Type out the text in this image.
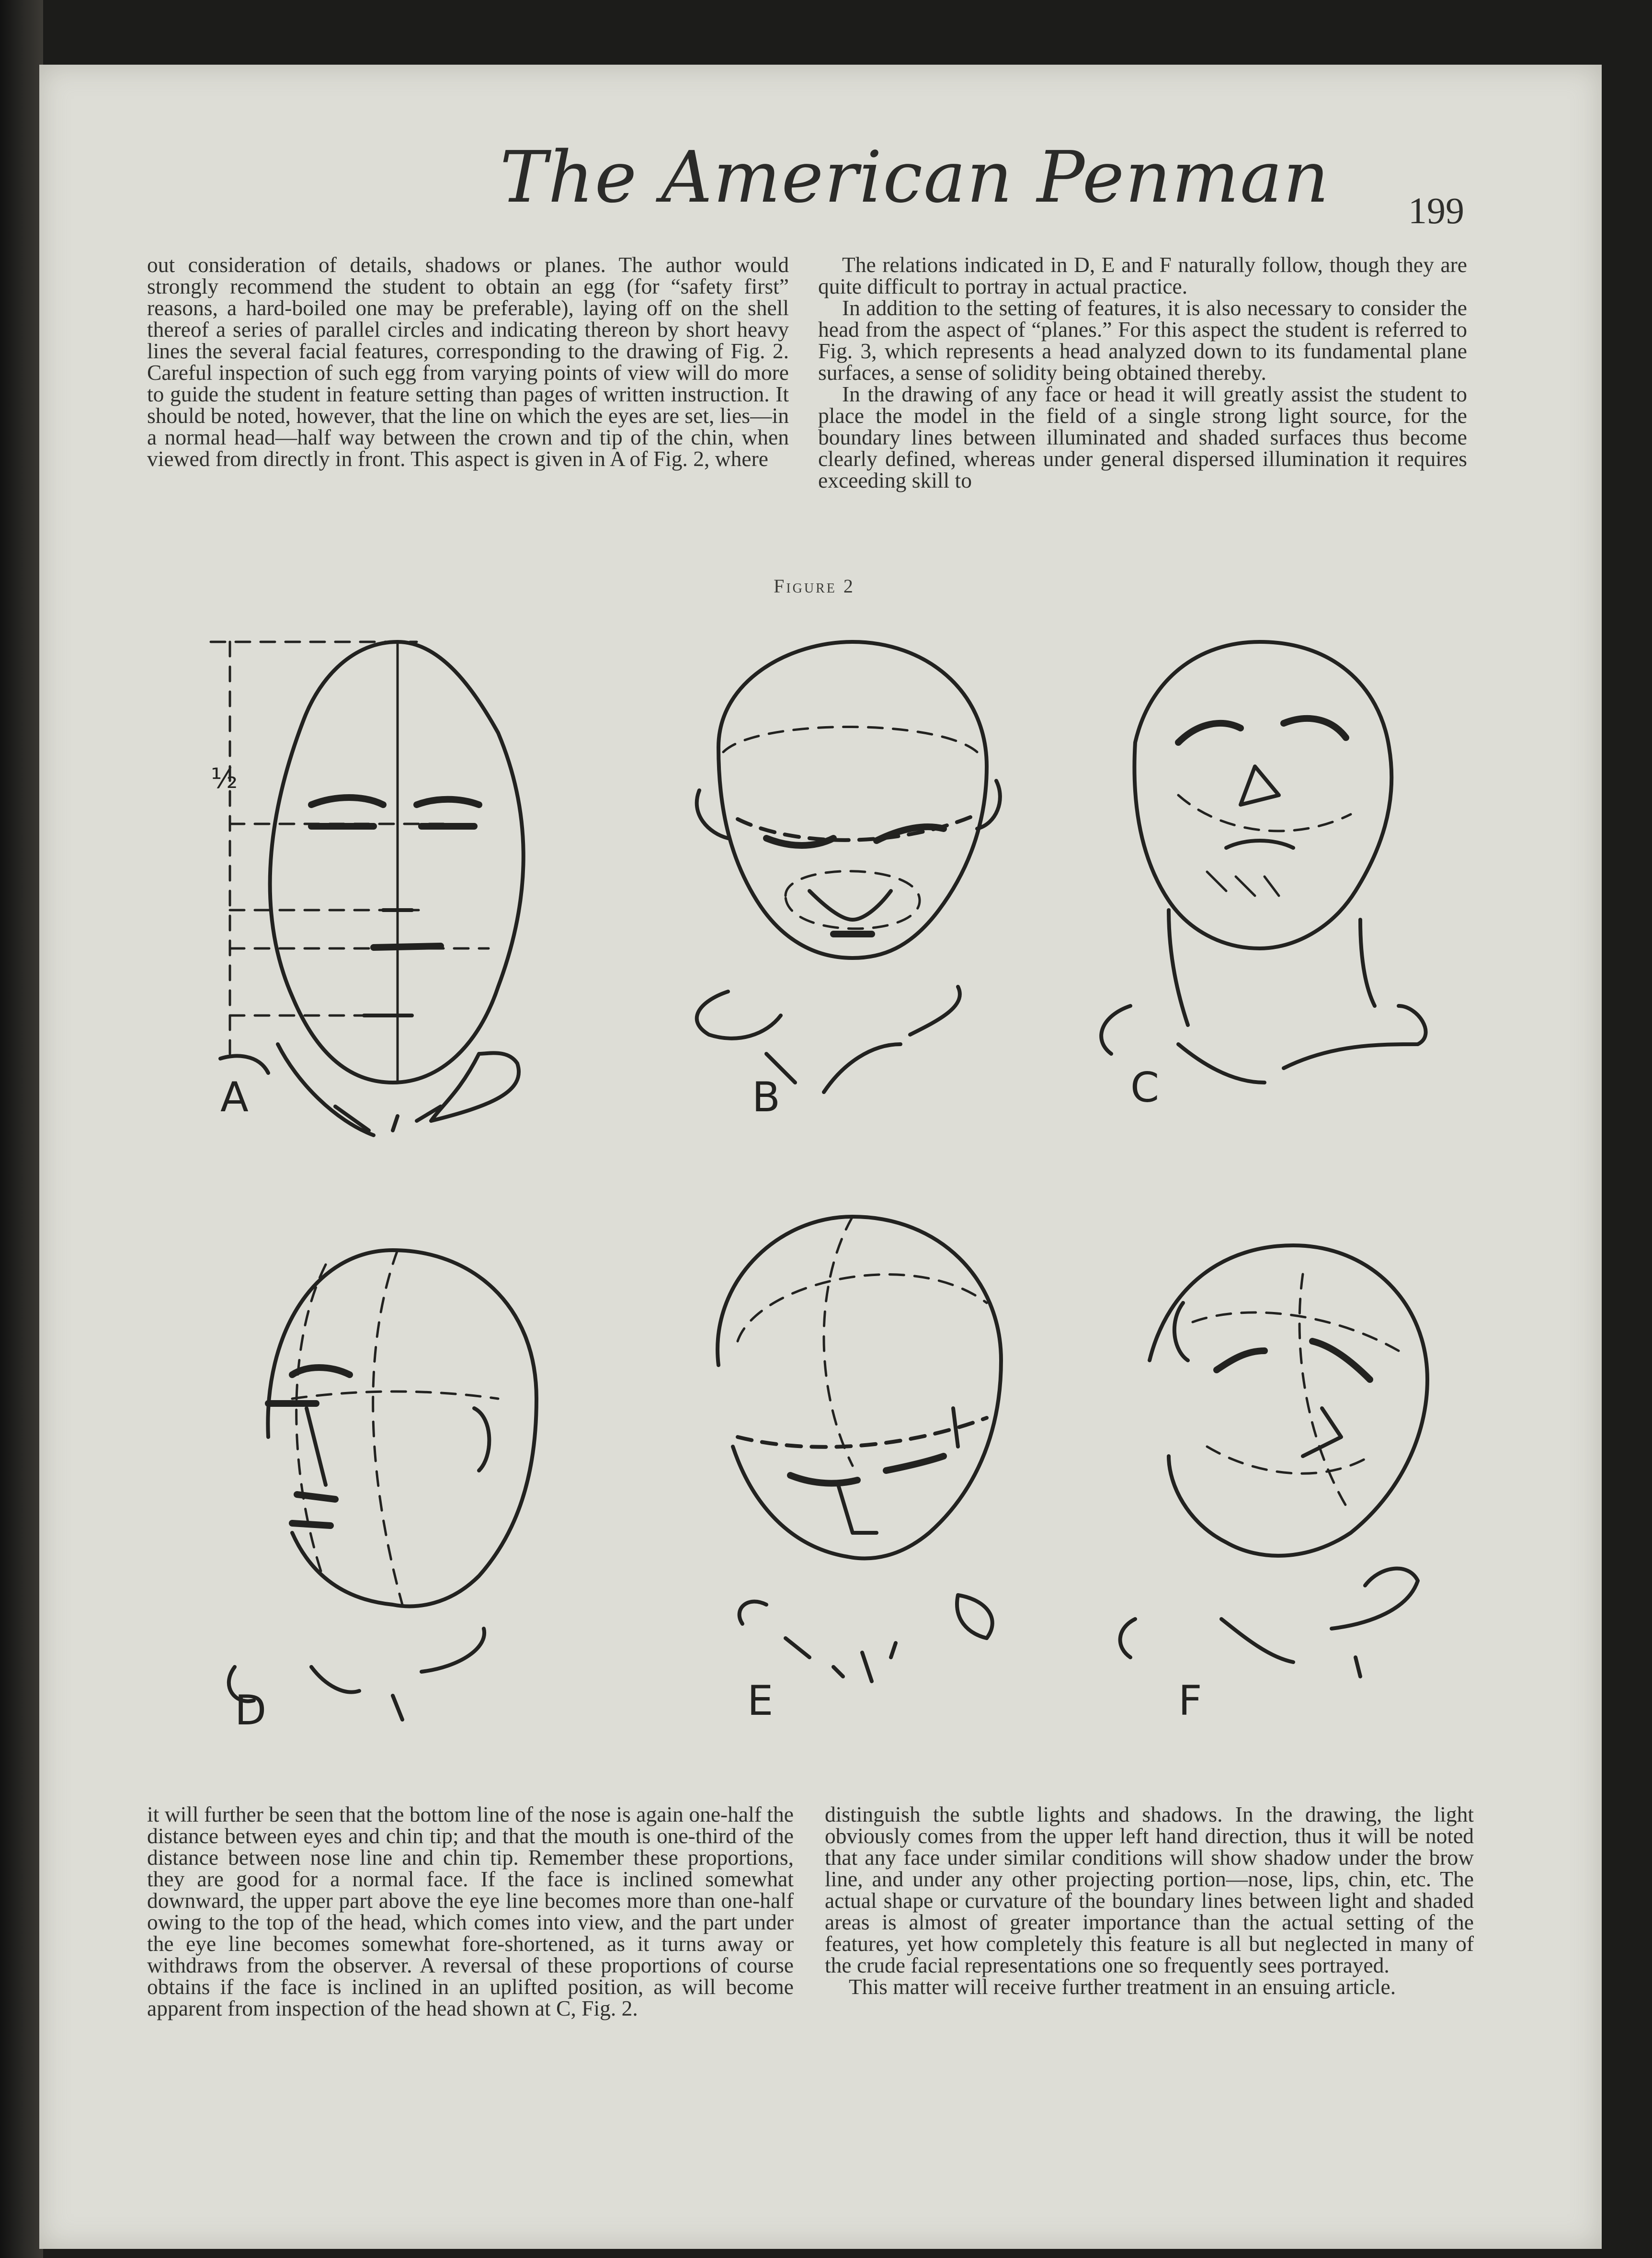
The American Penman	199

out consideration of details, shadows or planes. The author would strongly recommend the student to obtain an egg (for “safety first” reasons, a hard-boiled one may be preferable), laying off on the shell thereof a series of parallel circles and indicating thereon by short heavy lines the several facial features, corresponding to the drawing of Fig. 2. Careful inspection of such egg from varying points of view will do more to guide the student in feature setting than pages of written instruction. It should be noted, however, that the line on which the eyes are set, lies—in a normal head—half way between the crown and tip of the chin, when viewed from directly in front. This aspect is given in A of Fig. 2, where

The relations indicated in D, E and F naturally follow, though they are quite difficult to portray in actual practice.

In addition to the setting of features, it is also necessary to consider the head from the aspect of “planes.” For this aspect the student is referred to Fig. 3, which represents a head analyzed down to its fundamental plane surfaces, a sense of solidity being obtained thereby.

In the drawing of any face or head it will greatly assist the student to place the model in the field of a single strong light source, for the boundary lines between illuminated and shaded surfaces thus become clearly defined, whereas under general dispersed illumination it requires exceeding skill to

Figure 2
½
A	B	C
D	E	F

it will further be seen that the bottom line of the nose is again one-half the distance between eyes and chin tip; and that the mouth is one-third of the distance between nose line and chin tip. Remember these proportions, they are good for a normal face. If the face is inclined somewhat downward, the upper part above the eye line becomes more than one-half owing to the top of the head, which comes into view, and the part under the eye line becomes somewhat fore-shortened, as it turns away or withdraws from the observer. A reversal of these proportions of course obtains if the face is inclined in an uplifted position, as will become apparent from inspection of the head shown at C, Fig. 2.

distinguish the subtle lights and shadows. In the drawing, the light obviously comes from the upper left hand direction, thus it will be noted that any face under similar conditions will show shadow under the brow line, and under any other projecting portion—nose, lips, chin, etc. The actual shape or curvature of the boundary lines between light and shaded areas is almost of greater importance than the actual setting of the features, yet how completely this feature is all but neglected in many of the crude facial representations one so frequently sees portrayed.

This matter will receive further treatment in an ensuing article.
